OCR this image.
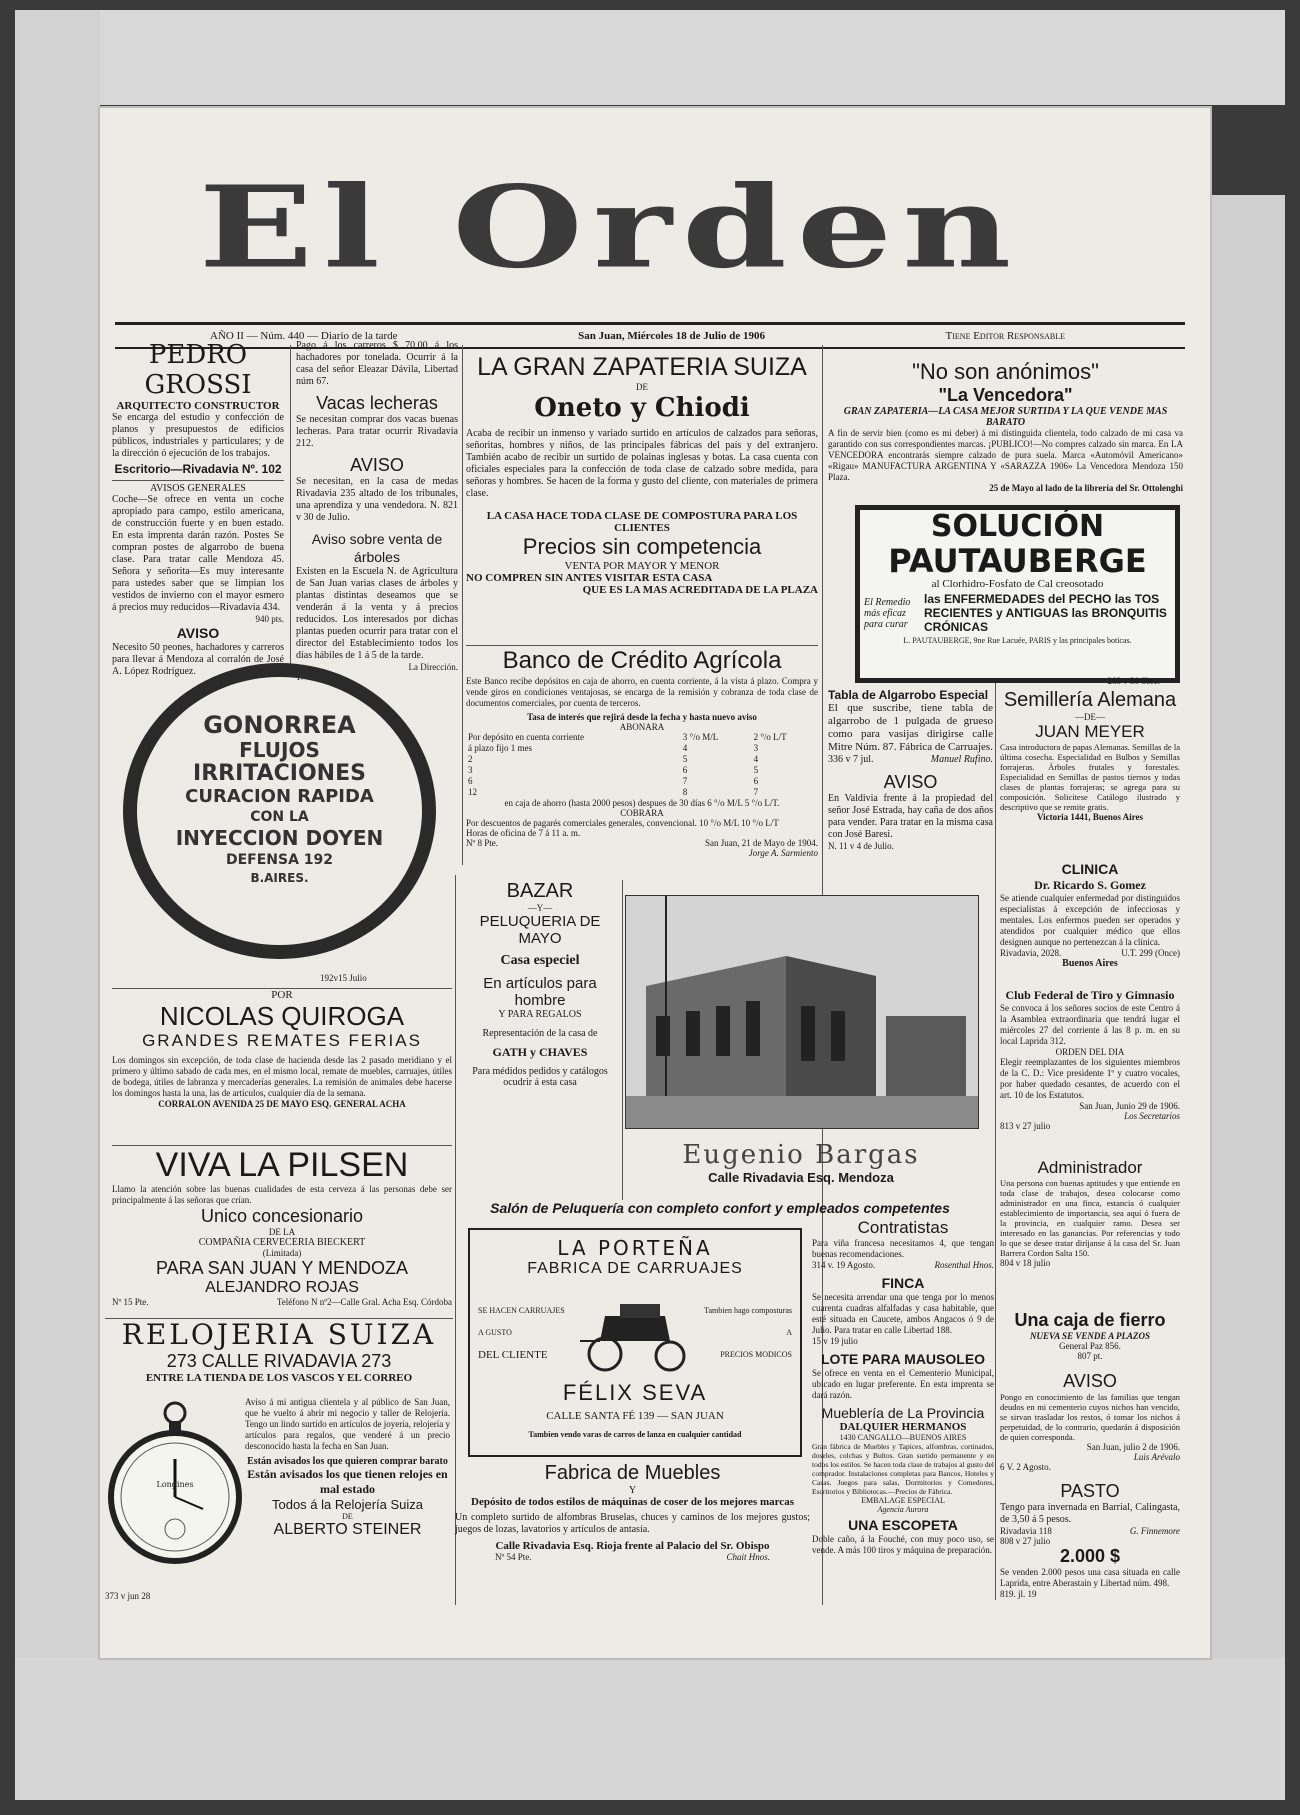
El Orden
AÑO II — Núm. 440 — Diario de la tarde	San Juan, Miércoles 18 de Julio de 1906	Tiene Editor Responsable
PEDRO GROSSI
ARQUITECTO CONSTRUCTOR
Se encarga del estudio y confección de planos y presupuestos de edificios públicos, industriales y particulares; y de la dirección ó ejecución de los trabajos.
Escritorio—Rivadavia Nº. 102
AVISOS GENERALES
Coche—Se ofrece en venta un coche apropiado para campo, estilo americana, de construcción fuerte y en buen estado. En esta imprenta darán razón. Postes Se compran postes de algarrobo de buena clase. Para tratar calle Mendoza 45. Señora y señorita—Es muy interesante para ustedes saber que se limpian los vestidos de invierno con el mayor esmero á precios muy reducidos—Rivadavia 434.
940 pts.
AVISO
Necesito 50 peones, hachadores y carreros para llevar á Mendoza al corralón de José A. López Rodríguez.
Pago á los carreros $ 70,00 á los hachadores por tonelada. Ocurrir á la casa del señor Eleazar Dávila, Libertad núm 67.
Vacas lecheras
Se necesitan comprar dos vacas buenas lecheras. Para tratar ocurrir Rivadavia 212.
AVISO
Se necesitan, en la casa de medas Rivadavia 235 altado de los tribunales, una aprendiza y una vendedora. N. 821 v 30 de Julio.
Aviso sobre venta de árboles
Existen en la Escuela N. de Agricultura de San Juan varias clases de árboles y plantas distintas deseamos que se venderán á la venta y á precios reducidos. Los interesados por dichas plantas pueden ocurrir para tratar con el director del Establecimiento todos los días hábiles de 1 á 5 de la tarde.
La Dirección.
17 v 21 Julio
LA GRAN ZAPATERIA SUIZA
DE
Oneto y Chiodi
Acaba de recibir un inmenso y variado surtido en artículos de calzados para señoras, señoritas, hombres y niños, de las principales fábricas del país y del extranjero. También acabo de recibir un surtido de polainas inglesas y botas. La casa cuenta con oficiales especiales para la confección de toda clase de calzado sobre medida, para señoras y hombres. Se hacen de la forma y gusto del cliente, con materiales de primera clase.
LA CASA HACE TODA CLASE DE COMPOSTURA PARA LOS CLIENTES
Precios sin competencia
VENTA POR MAYOR Y MENOR
NO COMPREN SIN ANTES VISITAR ESTA CASA
QUE ES LA MAS ACREDITADA DE LA PLAZA
Banco de Crédito Agrícola
Este Banco recibe depósitos en caja de ahorro, en cuenta corriente, á la vista á plazo. Compra y vende giros en condiciones ventajosas, se encarga de la remisión y cobranza de toda clase de documentos comerciales, por cuenta de terceros.
Tasa de interés que rejirá desde la fecha y hasta nuevo aviso
ABONARA
Por depósito en cuenta corriente	3 °/o M/L	2 °/o L/T
á plazo fijo 1 mes	4	3
2	5	4
3	6	5
6	7	6
12	8	7
en caja de ahorro (hasta 2000 pesos) despues de 30 días 6 °/o M/L 5 °/o L/T.
COBRARA
Por descuentos de pagarés comerciales generales, convencional. 10 °/o M/L 10 °/o L/T
Horas de oficina de 7 á 11 a. m.
Nº 8 Pte.	San Juan, 21 de Mayo de 1904.
Jorge A. Sarmiento
"No son anónimos"
"La Vencedora"
GRAN ZAPATERIA—LA CASA MEJOR SURTIDA Y LA QUE VENDE MAS BARATO
A fin de servir bien (como es mi deber) á mi distinguida clientela, todo calzado de mi casa va garantido con sus correspondientes marcas. ¡PUBLICO!—No compres calzado sin marca. En LA VENCEDORA encontrarás siempre calzado de pura suela. Marca «Automóvil Americano» «Rigau» MANUFACTURA ARGENTINA Y «SARAZZA 1906» La Vencedora Mendoza 150 Plaza.
25 de Mayo al lado de la librería del Sr. Ottolenghi
SOLUCIÓN
PAUTAUBERGE
al Clorhidro-Fosfato de Cal creosotado
El Remedio más eficaz para curar
las ENFERMEDADES del PECHO las TOS RECIENTES y ANTIGUAS las BRONQUITIS CRÓNICAS
L. PAUTAUBERGE, 9ne Rue Lacuée, PARIS y las principales boticas.
283 v 30 Sbre.
Tabla de Algarrobo Especial
El que suscribe, tiene tabla de algarrobo de 1 pulgada de grueso como para vasijas dirigirse calle Mitre Núm. 87. Fábrica de Carruajes.
336 v 7 jul.	Manuel Rufino.
AVISO
En Valdivia frente á la propiedad del señor José Estrada, hay caña de dos años para vender. Para tratar en la misma casa con José Baresi.
N. 11 v 4 de Julio.
Semillería Alemana
—DE—
JUAN MEYER
Casa introductora de papas Alemanas. Semillas de la última cosecha. Especialidad en Bulbos y Semillas forrajeras. Árboles frutales y forestales. Especialidad en Semillas de pastos tiernos y todas clases de plantas forrajeras; se agrega para su composición. Solicitese Catálogo ilustrado y descriptivo que se remite gratis.
Victoria 1441, Buenos Aires
CLINICA
Dr. Ricardo S. Gomez
Se atiende cualquier enfermedad por distinguidos especialistas á excepción de infecciosas y mentales. Los enfermos pueden ser operados y atendidos por cualquier médico que ellos designen aunque no pertenezcan á la clínica.
Rivadavia, 2028.	U.T. 299 (Once)
Buenos Aires
Club Federal de Tiro y Gimnasio
Se convoca á los señores socios de este Centro á la Asamblea extraordinaria que tendrá lugar el miércoles 27 del corriente á las 8 p. m. en su local Laprida 312.
ORDEN DEL DIA
Elegir reemplazantes de los siguientes miembros de la C. D.: Vice presidente 1º y cuatro vocales, por haber quedado cesantes, de acuerdo con el art. 10 de los Estatutos.
San Juan, Junio 29 de 1906.
Los Secretarios
813 v 27 julio
Administrador
Una persona con buenas aptitudes y que entiende en toda clase de trabajos, desea colocarse como administrador en una finca, estancia ó cualquier establecimiento de importancia, sea aquí ó fuera de la provincia, en cualquier ramo. Desea ser interesado en las ganancias. Por referencias y todo lo que se desee tratar diríjanse á la casa del Sr. Juan Barrera Cordon Salta 150.
804 v 18 julio
Una caja de fierro
NUEVA SE VENDE A PLAZOS
General Paz 856.
807 pt.
AVISO
Pongo en conocimiento de las familias que tengan deudos en mi cementerio cuyos nichos han vencido, se sirvan trasladar los restos, ó tomar los nichos á perpetuidad, de lo contrario, quedarán á disposición de quien corresponda.
San Juan, julio 2 de 1906.
Luis Arévalo
6 V. 2 Agosto.
PASTO
Tengo para invernada en Barrial, Calingasta, de 3,50 á 5 pesos.
Rivadavia 118	G. Finnemore
808 v 27 julio
2.000 $
Se venden 2.000 pesos una casa situada en calle Laprida, entre Aberastain y Libertad núm. 498.
819. jl. 19
GONORREA
FLUJOS
IRRITACIONES
CURACION RAPIDA
CON LA
INYECCION DOYEN
DEFENSA 192
B.AIRES.
192v15 Julio
POR
NICOLAS QUIROGA
GRANDES REMATES FERIAS
Los domingos sin excepción, de toda clase de hacienda desde las 2 pasado meridiano y el primero y último sabado de cada mes, en el mismo local, remate de muebles, carruajes, útiles de bodega, útiles de labranza y mercaderías generales. La remisión de animales debe hacerse los domingos hasta la una, las de artículos, cualquier día de la semana.
CORRALON AVENIDA 25 DE MAYO ESQ. GENERAL ACHA
VIVA LA PILSEN
Llamo la atención sobre las buenas cualidades de esta cerveza á las personas debe ser principalmente á las señoras que crían.
Unico concesionario
DE LA
COMPAÑIA CERVECERIA BIECKERT
(Limitada)
PARA SAN JUAN Y MENDOZA
ALEJANDRO ROJAS
Nº 15 Pte.	Teléfono N nº2—Calle Gral. Acha Esq. Córdoba
RELOJERIA SUIZA
273 CALLE RIVADAVIA 273
ENTRE LA TIENDA DE LOS VASCOS Y EL CORREO
Longines
Aviso á mi antigua clientela y al público de San Juan, que he vuelto á abrir mi negocio y taller de Relojería. Tengo un lindo surtido en artículos de joyería, relojería y artículos para regalos, que venderé á un precio desconocido hasta la fecha en San Juan.
Están avisados los que quieren comprar barato
Están avisados los que tienen relojes en mal estado
Todos á la Relojería Suiza
DE
ALBERTO STEINER
373 v jun 28
BAZAR
—Y—
PELUQUERIA DE MAYO
Casa especiel
En artículos para hombre
Y PARA REGALOS
Representación de la casa de
GATH y CHAVES
Para médidos pedidos y catálogos ocudrir á esta casa
Eugenio Bargas
Calle Rivadavia Esq. Mendoza
Salón de Peluquería con completo confort y empleados competentes
Contratistas
Para viña francesa necesitamos 4, que tengan buenas recomendaciones.
314 v. 19 Agosto.	Rosenthal Hnos.
FINCA
Se necesita arrendar una que tenga por lo menos cuarenta cuadras alfalfadas y casa habitable, que esté situada en Caucete, ambos Angacos ó 9 de Julio. Para tratar en calle Libertad 188.
15 v 19 julio
LOTE PARA MAUSOLEO
Se ofrece en venta en el Cementerio Municipal, ubicado en lugar preferente. En esta imprenta se dará razón.
Mueblería de La Provincia
DALQUIER HERMANOS
1430 CANGALLO—BUENOS AIRES
Gran fábrica de Muebles y Tapices, alfombras, cortinados, doseles, colchas y Bultos. Gran surtido permanente y en todos los estilos. Se hacen toda clase de trabajos al gusto del comprador. Instalaciones completas para Bancos, Hoteles y Casas. Juegos para salas, Dormitorios y Comedores, Escritorios y Bibliotecas.—Precios de Fábrica.
EMBALAGE ESPECIAL
Agencia Aurora
UNA ESCOPETA
Doble caño, á la Fouché, con muy poco uso, se vende. A más 100 tiros y máquina de preparación.
LA PORTEÑA
FABRICA DE CARRUAJES
SE HACEN CARRUAJES
A GUSTO
DEL CLIENTE
Tambien hago composturas
A
PRECIOS MODICOS
FÉLIX SEVA
CALLE SANTA FÉ 139 — SAN JUAN
Tambien vendo varas de carros de lanza en cualquier cantidad
Fabrica de Muebles
Y
Depósito de todos estilos de máquinas de coser de los mejores marcas
Un completo surtido de alfombras Bruselas, chuces y caminos de los mejores gustos; juegos de lozas, lavatorios y artículos de antasía.
Calle Rivadavia Esq. Rioja frente al Palacio del Sr. Obispo
Nº 54 Pte.	Chait Hnos.
